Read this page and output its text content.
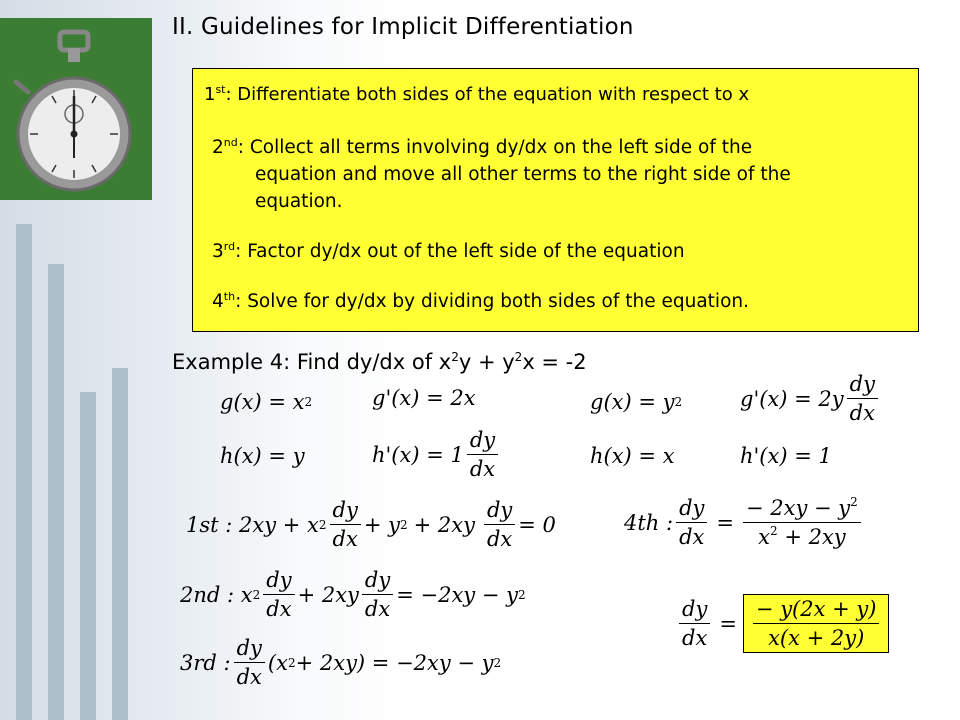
II. Guidelines for Implicit Differentiation
1st: Differentiate both sides of the equation with respect to x
2nd: Collect all terms involving dy/dx on the left side of the
equation and move all other terms to the right side of the
equation.
3rd: Factor dy/dx out of the left side of the equation
4th: Solve for dy/dx by dividing both sides of the equation.
Example 4: Find dy/dx of $x^2y + y^2x = -2$
g(x) = x 2	g'(x) = 2x	g(x) = y 2	$g'(x) = 2y \frac{dy}{dx}$
h(x) = y	$h'(x) = 1 \frac{dy}{dx}$	h(x) = x	h'(x) = 1
1st : 2xy + x $2 \frac{dy}{dx} + y$ $2 + 2xy \frac{dy}{dx} = 0$	4th : $\frac{dy}{dx} = \frac{- 2xy - y^2}{x^2 + 2xy}$
2nd : x $2 \frac{dy}{dx} + 2xy \frac{dy}{dx} = -2xy - y$ 2
$\frac{dy}{dx} = \frac{- y(2x + y)}{x(x + 2y)}$
3rd : $\frac{dy}{dx} (x$ 2 + 2xy) = −2xy − y 2
